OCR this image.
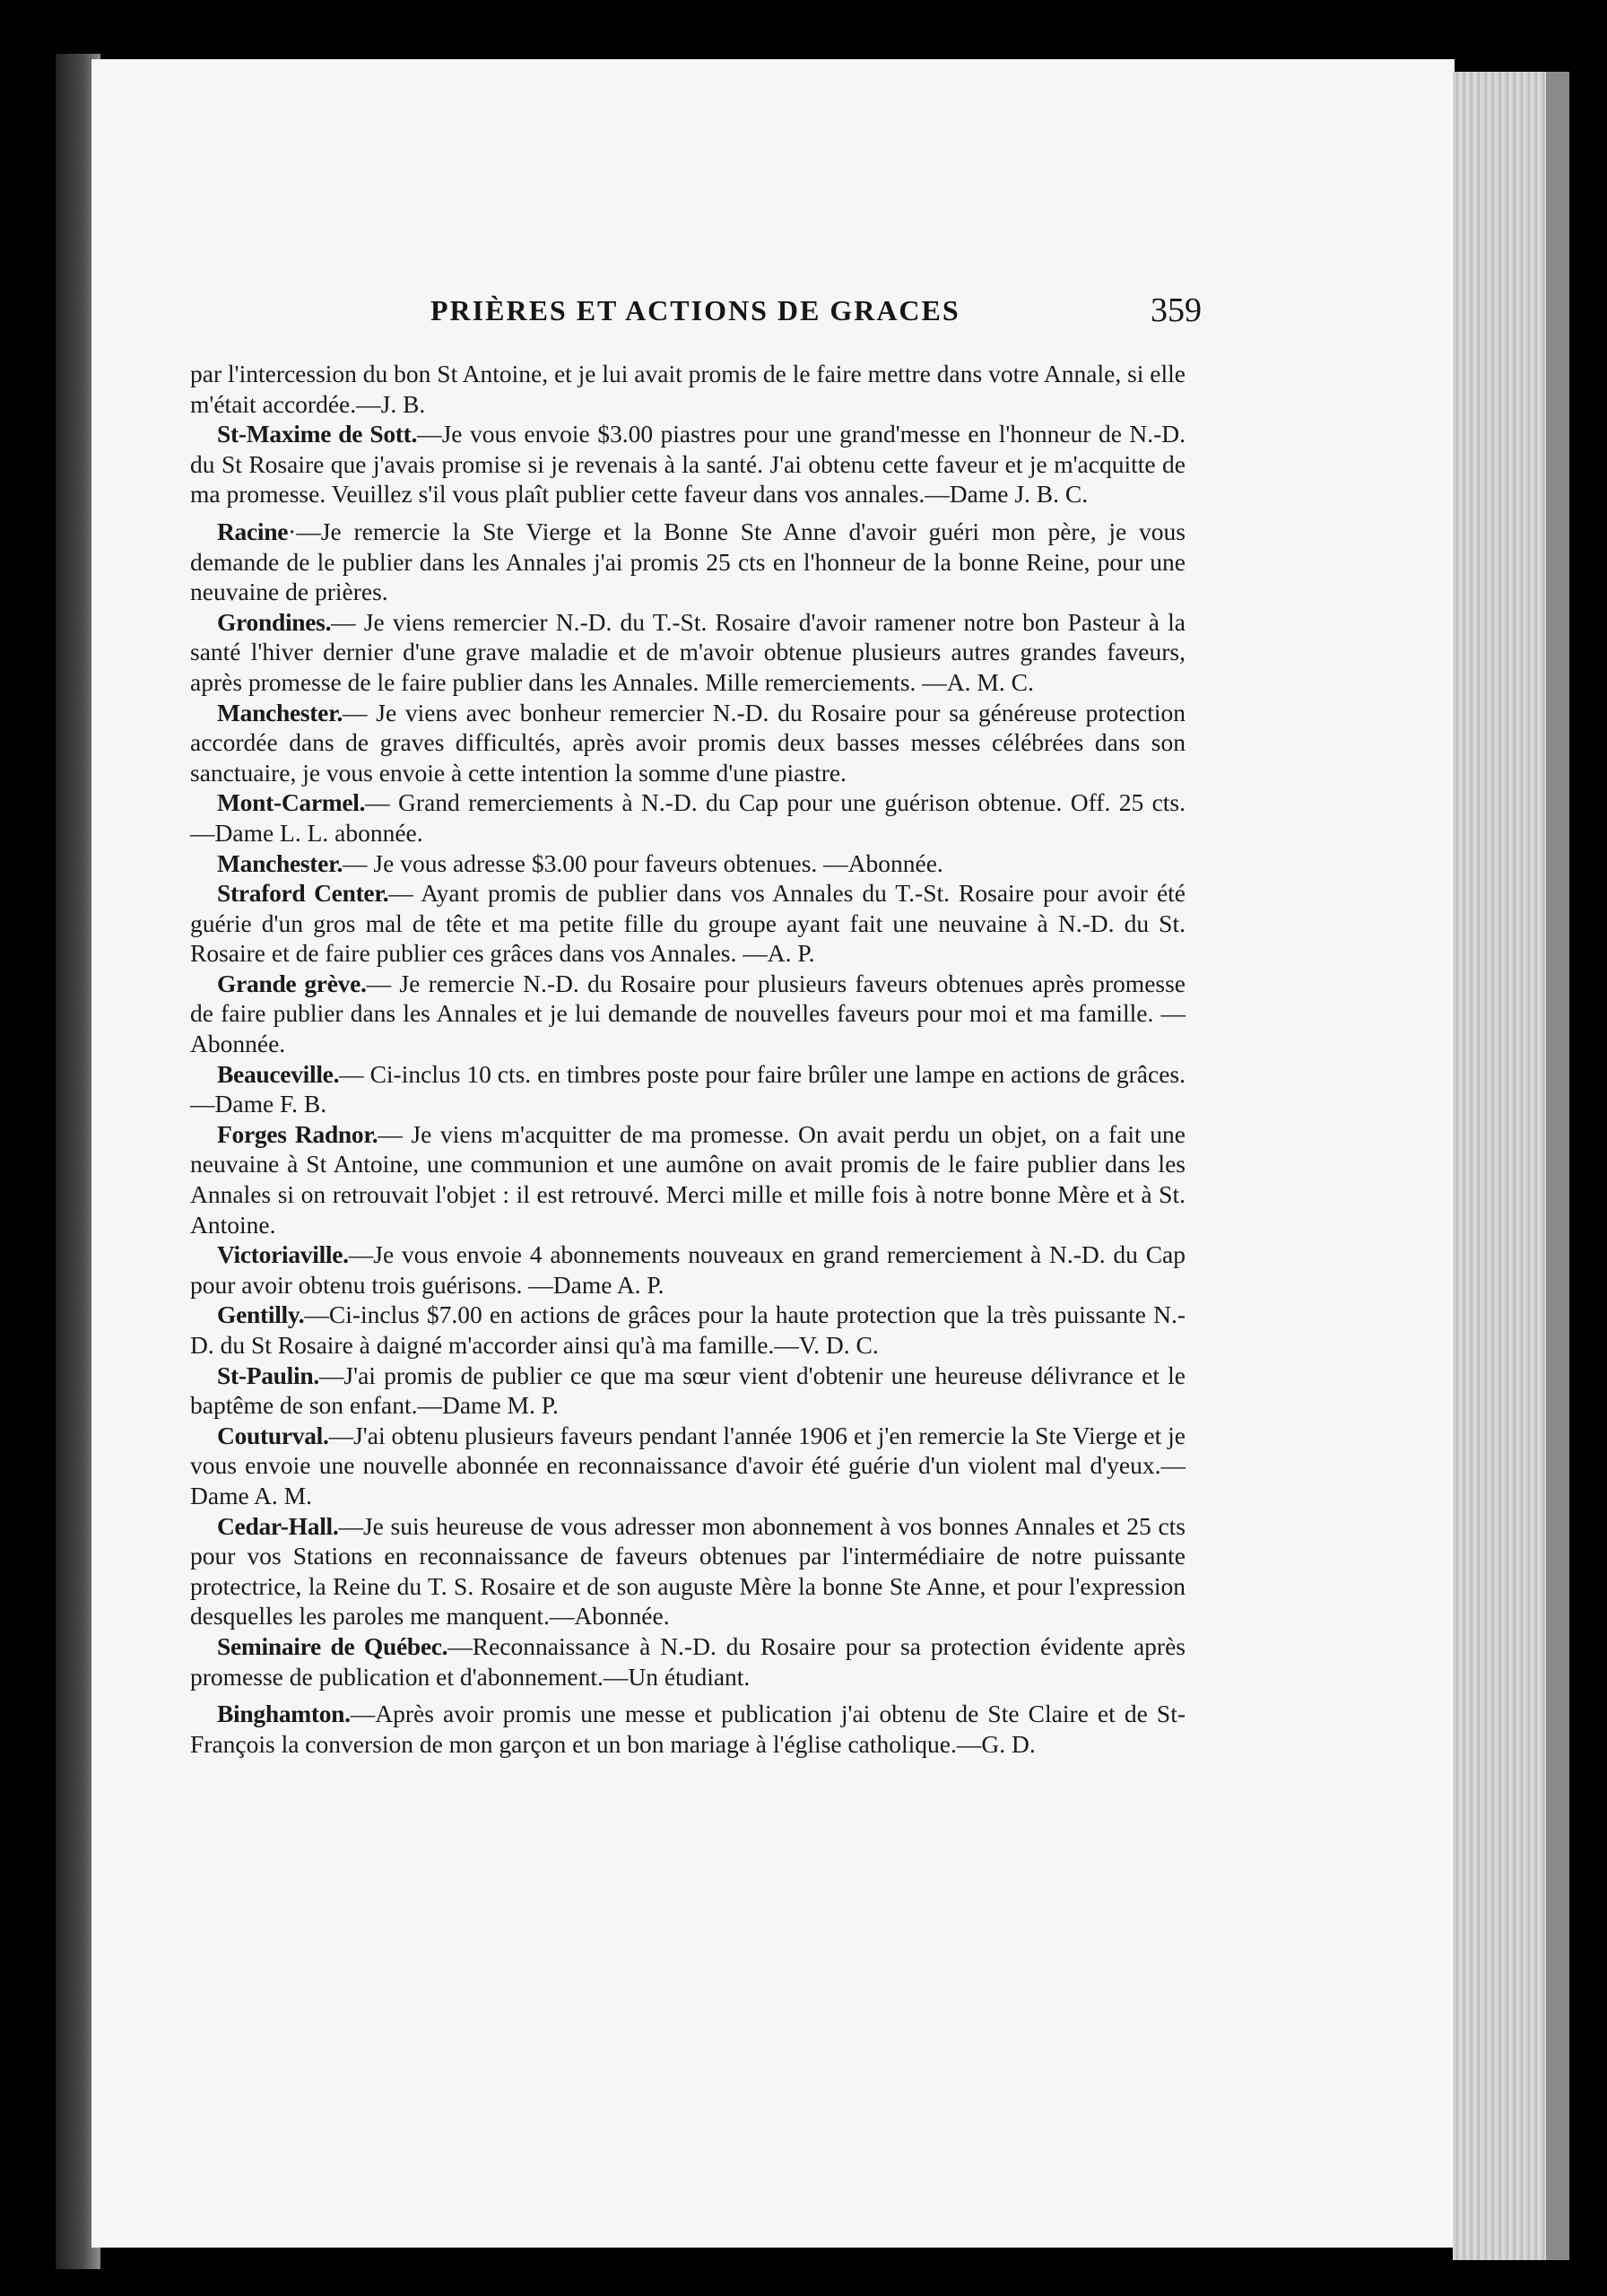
PRIÈRES ET ACTIONS DE GRACES	359

par l'intercession du bon St Antoine, et je lui avait promis de le faire mettre dans votre Annale, si elle m'était accordée.—J. B.

St-Maxime de Sott.—Je vous envoie $3.00 piastres pour une grand'messe en l'honneur de N.-D. du St Rosaire que j'avais promise si je revenais à la santé. J'ai obtenu cette faveur et je m'acquitte de ma promesse. Veuillez s'il vous plaît publier cette faveur dans vos annales.—Dame J. B. C.

Racine·—Je remercie la Ste Vierge et la Bonne Ste Anne d'avoir guéri mon père, je vous demande de le publier dans les Annales j'ai promis 25 cts en l'honneur de la bonne Reine, pour une neuvaine de prières.

Grondines.— Je viens remercier N.-D. du T.-St. Rosaire d'avoir ramener notre bon Pasteur à la santé l'hiver dernier d'une grave maladie et de m'avoir obtenue plusieurs autres grandes faveurs, après promesse de le faire publier dans les Annales. Mille remerciements. —A. M. C.

Manchester.— Je viens avec bonheur remercier N.-D. du Rosaire pour sa généreuse protection accordée dans de graves difficultés, après avoir promis deux basses messes célébrées dans son sanctuaire, je vous envoie à cette intention la somme d'une piastre.

Mont-Carmel.— Grand remerciements à N.-D. du Cap pour une guérison obtenue. Off. 25 cts. —Dame L. L. abonnée.

Manchester.— Je vous adresse $3.00 pour faveurs obtenues. —Abonnée.

Straford Center.— Ayant promis de publier dans vos Annales du T.-St. Rosaire pour avoir été guérie d'un gros mal de tête et ma petite fille du groupe ayant fait une neuvaine à N.-D. du St. Rosaire et de faire publier ces grâces dans vos Annales. —A. P.

Grande grève.— Je remercie N.-D. du Rosaire pour plusieurs faveurs obtenues après promesse de faire publier dans les Annales et je lui demande de nouvelles faveurs pour moi et ma famille. —Abonnée.

Beauceville.— Ci-inclus 10 cts. en timbres poste pour faire brûler une lampe en actions de grâces. —Dame F. B.

Forges Radnor.— Je viens m'acquitter de ma promesse. On avait perdu un objet, on a fait une neuvaine à St Antoine, une communion et une aumône on avait promis de le faire publier dans les Annales si on retrouvait l'objet : il est retrouvé. Merci mille et mille fois à notre bonne Mère et à St. Antoine.

Victoriaville.—Je vous envoie 4 abonnements nouveaux en grand remerciement à N.-D. du Cap pour avoir obtenu trois guérisons. —Dame A. P.

Gentilly.—Ci-inclus $7.00 en actions de grâces pour la haute protection que la très puissante N.-D. du St Rosaire à daigné m'accorder ainsi qu'à ma famille.—V. D. C.

St-Paulin.—J'ai promis de publier ce que ma sœur vient d'obtenir une heureuse délivrance et le baptême de son enfant.—Dame M. P.

Couturval.—J'ai obtenu plusieurs faveurs pendant l'année 1906 et j'en remercie la Ste Vierge et je vous envoie une nouvelle abonnée en reconnaissance d'avoir été guérie d'un violent mal d'yeux.—Dame A. M.

Cedar-Hall.—Je suis heureuse de vous adresser mon abonnement à vos bonnes Annales et 25 cts pour vos Stations en reconnaissance de faveurs obtenues par l'intermédiaire de notre puissante protectrice, la Reine du T. S. Rosaire et de son auguste Mère la bonne Ste Anne, et pour l'expression desquelles les paroles me manquent.—Abonnée.

Seminaire de Québec.—Reconnaissance à N.-D. du Rosaire pour sa protection évidente après promesse de publication et d'abonnement.—Un étudiant.

Binghamton.—Après avoir promis une messe et publication j'ai obtenu de Ste Claire et de St-François la conversion de mon garçon et un bon mariage à l'église catholique.—G. D.
